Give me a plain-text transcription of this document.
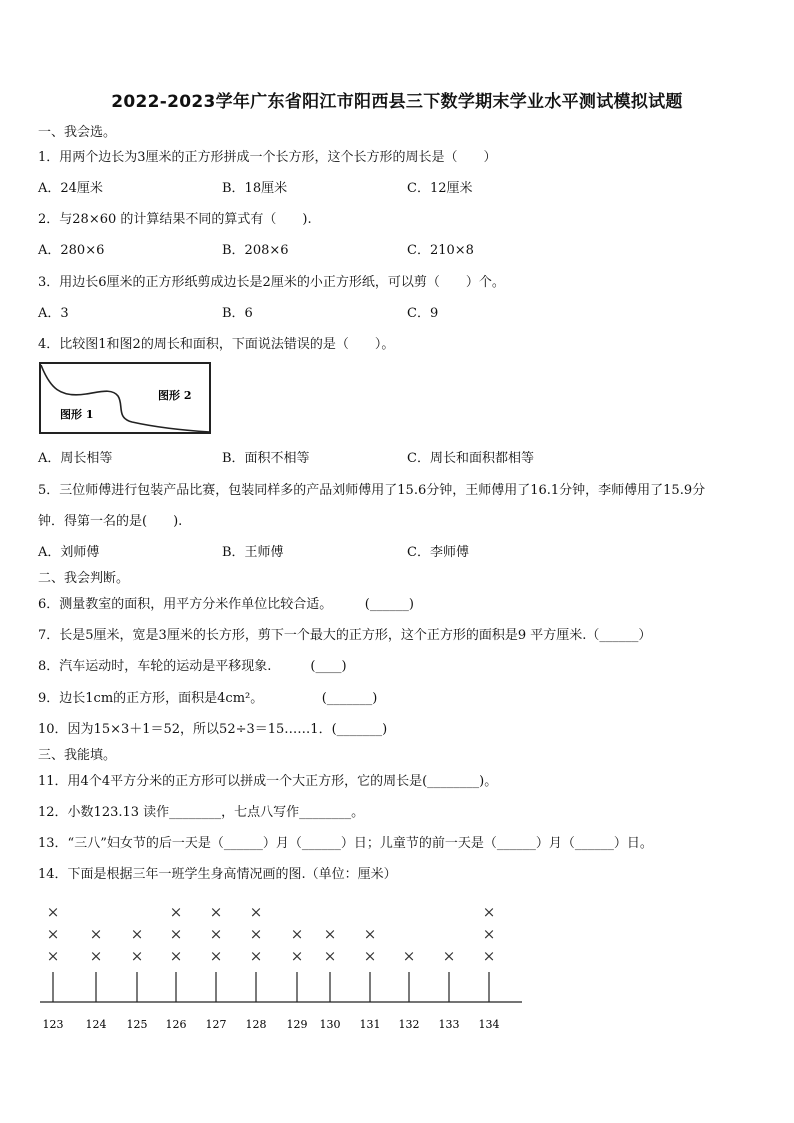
2022-2023学年广东省阳江市阳西县三下数学期末学业水平测试模拟试题
一、我会选。
1．用两个边长为3厘米的正方形拼成一个长方形，这个长方形的周长是（　　）
A．24厘米	B．18厘米	C．12厘米
2．与28×60 的计算结果不同的算式有（　　).
A．280×6	B．208×6	C．210×8
3．用边长6厘米的正方形纸剪成边长是2厘米的小正方形纸，可以剪（　　）个。
A．3	B．6	C．9
4．比较图1和图2的周长和面积，下面说法错误的是（　　）。
图形 1
图形 2
A．周长相等	B．面积不相等	C．周长和面积都相等
5．三位师傅进行包装产品比赛，包装同样多的产品刘师傅用了15.6分钟，王师傅用了16.1分钟，李师傅用了15.9分
钟．得第一名的是(　　).
A．刘师傅	B．王师傅	C．李师傅
二、我会判断。
6．测量教室的面积，用平方分米作单位比较合适。　　　(______)
7．长是5厘米，宽是3厘米的长方形，剪下一个最大的正方形，这个正方形的面积是9 平方厘米.（______）
8．汽车运动时，车轮的运动是平移现象.　　　(____)
9．边长1cm的正方形，面积是4cm²。　　　　　(_______)
10．因为15×3＋1＝52，所以52÷3＝15……1．(_______)
三、我能填。
11．用4个4平方分米的正方形可以拼成一个大正方形，它的周长是(________)。
12．小数123.13 读作________，七点八写作________。
13．“三八”妇女节的后一天是（______）月（______）日；儿童节的前一天是（______）月（______）日。
14．下面是根据三年一班学生身高情况画的图.（单位：厘米）
123
×
×
×
124
×
×
125
×
×
126
×
×
×
127
×
×
×
128
×
×
×
129
×
×
130
×
×
131
×
×
132
×
133
×
134
×
×
×
